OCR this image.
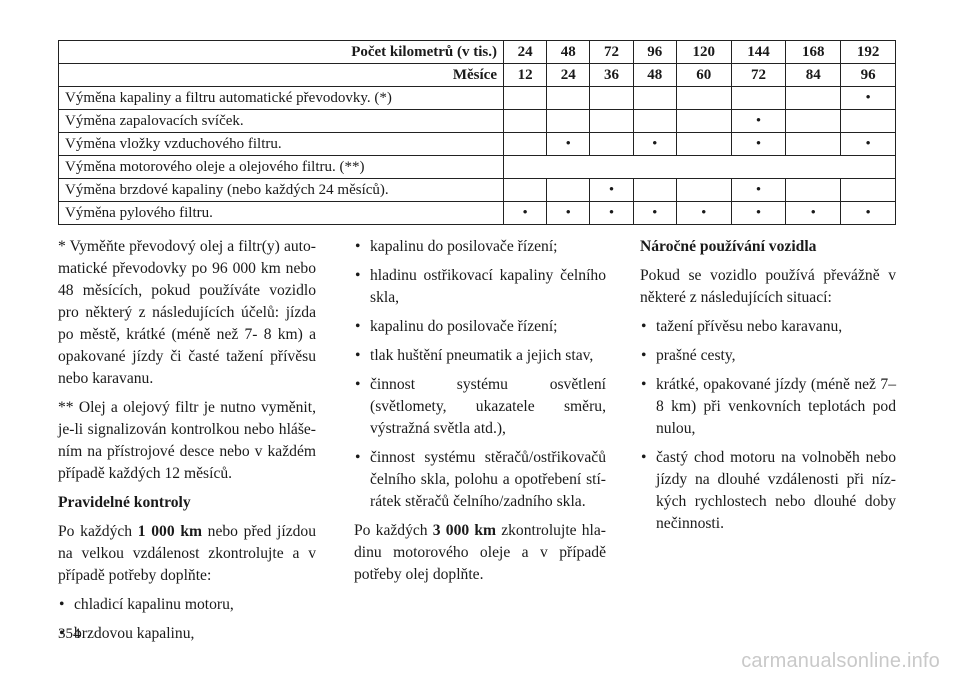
Počet kilometrů (v tis.)	24	48	72	96	120	144	168	192
Měsíce	12	24	36	48	60	72	84	96
Výměna kapaliny a filtru automatické převodovky. (*)								•
Výměna zapalovacích svíček.						•		
Výměna vložky vzduchového filtru.		•		•		•		•
Výměna motorového oleje a olejového filtru. (**)								
Výměna brzdové kapaliny (nebo každých 24 měsíců).			•			•		
Výměna pylového filtru.	•	•	•	•	•	•	•	•

* Vyměňte převodový olej a filtr(y) auto- matické převodovky po 96 000 km nebo 48 měsících, pokud používáte vozidlo pro některý z následujících účelů: jízda po městě, krátké (méně než 7- 8 km) a opakované jízdy či časté tažení přívěsu nebo karavanu.

** Olej a olejový filtr je nutno vyměnit, je-li signalizován kontrolkou nebo hláše- ním na přístrojové desce nebo v každém případě každých 12 měsíců.

Pravidelné kontroly

Po každých 1 000 km nebo před jízdou na velkou vzdálenost zkontrolujte a v případě potřeby doplňte:

• chladicí kapalinu motoru,
• brzdovou kapalinu,
• kapalinu do posilovače řízení;
• hladinu ostřikovací kapaliny čelního skla,
• kapalinu do posilovače řízení;
• tlak huštění pneumatik a jejich stav,
• činnost systému osvětlení (světlomety, ukazatele směru, výstražná světla atd.),
• činnost systému stěračů/ostřikovačů čelního skla, polohu a opotřebení stí- rátek stěračů čelního/zadního skla.

Po každých 3 000 km zkontrolujte hla- dinu motorového oleje a v případě potřeby olej doplňte.

Náročné používání vozidla

Pokud se vozidlo používá převážně v některé z následujících situací:

• tažení přívěsu nebo karavanu,
• prašné cesty,
• krátké, opakované jízdy (méně než 7–8 km) při venkovních teplotách pod nulou,
• častý chod motoru na volnoběh nebo jízdy na dlouhé vzdálenosti při níz- kých rychlostech nebo dlouhé doby nečinnosti.
354
carmanualsonline.info
